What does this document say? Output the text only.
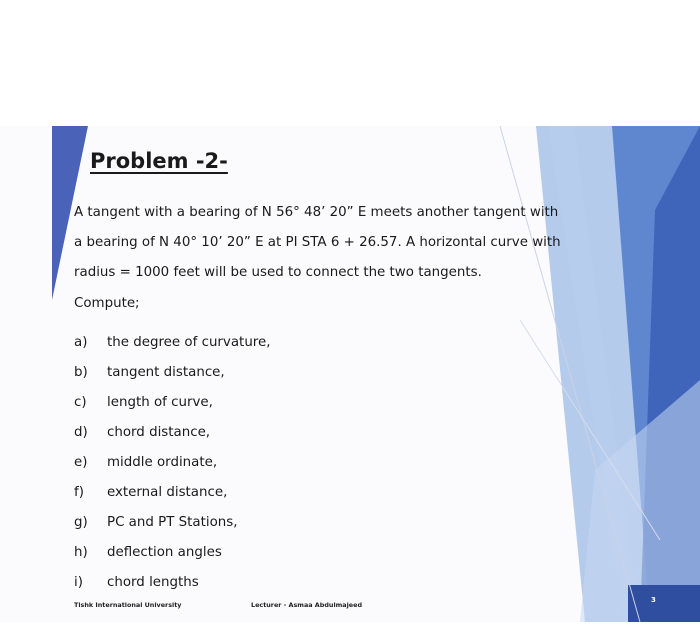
Problem -2-
A tangent with a bearing of N 56° 48’ 20” E meets another tangent with
a bearing of N 40° 10’ 20” E at PI STA 6 + 26.57. A horizontal curve with
radius = 1000 feet will be used to connect the two tangents.
Compute;
a)	the degree of curvature,
b)	tangent distance,
c)	length of curve,
d)	chord distance,
e)	middle ordinate,
f)	external distance,
g)	PC and PT Stations,
h)	deflection angles
i)	chord lengths
Tishk International University	Lecturer - Asmaa Abdulmajeed
3
